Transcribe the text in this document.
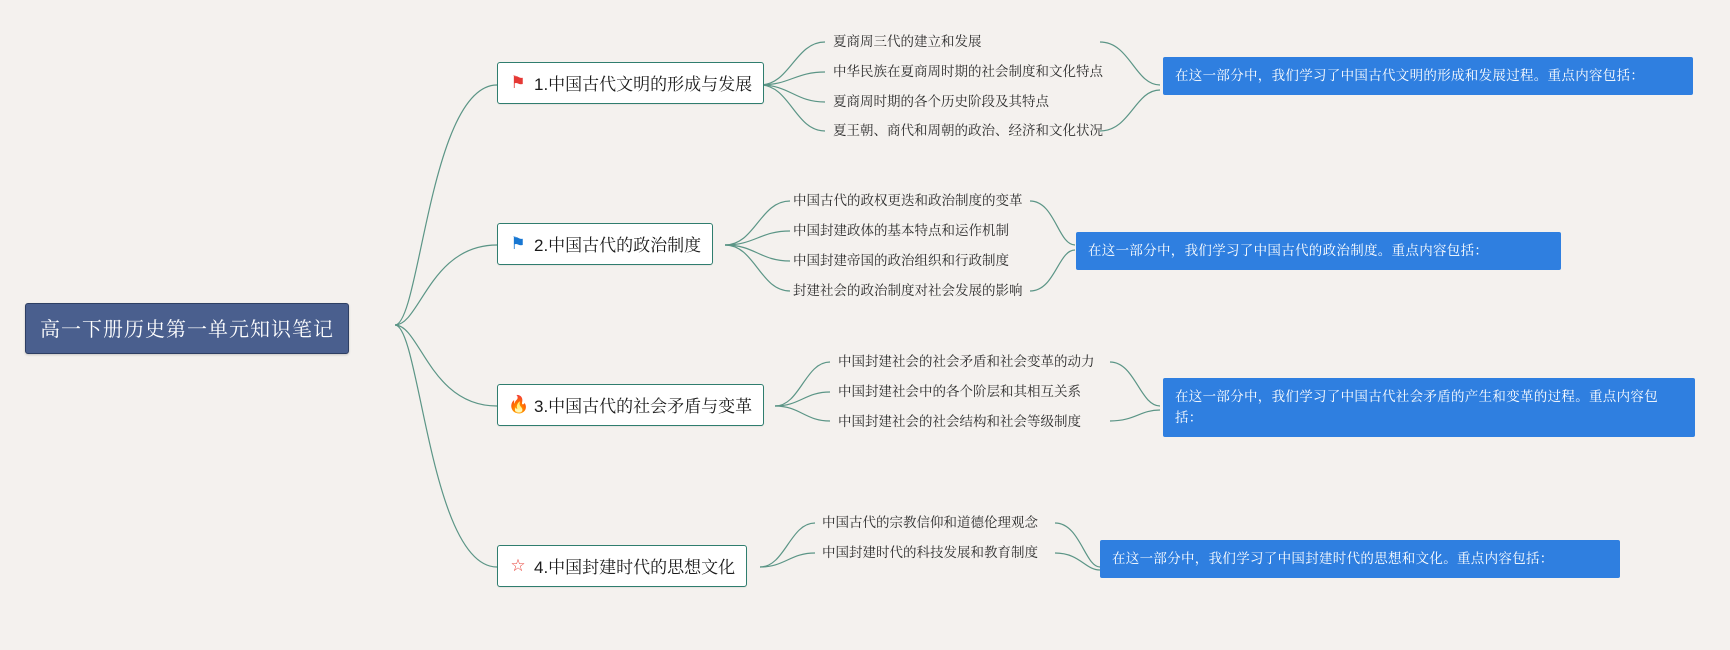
高一下册历史第一单元知识笔记
⚑ 1.中国古代文明的形成与发展
夏商周三代的建立和发展
中华民族在夏商周时期的社会制度和文化特点
夏商周时期的各个历史阶段及其特点
夏王朝、商代和周朝的政治、经济和文化状况
在这一部分中，我们学习了中国古代文明的形成和发展过程。重点内容包括：
⚑ 2.中国古代的政治制度
中国古代的政权更迭和政治制度的变革
中国封建政体的基本特点和运作机制
中国封建帝国的政治组织和行政制度
封建社会的政治制度对社会发展的影响
在这一部分中，我们学习了中国古代的政治制度。重点内容包括：
🔥 3.中国古代的社会矛盾与变革
中国封建社会的社会矛盾和社会变革的动力
中国封建社会中的各个阶层和其相互关系
中国封建社会的社会结构和社会等级制度
在这一部分中，我们学习了中国古代社会矛盾的产生和变革的过程。重点内容包括：
☆ 4.中国封建时代的思想文化
中国古代的宗教信仰和道德伦理观念
中国封建时代的科技发展和教育制度	在这一部分中，我们学习了中国封建时代的思想和文化。重点内容包括：
